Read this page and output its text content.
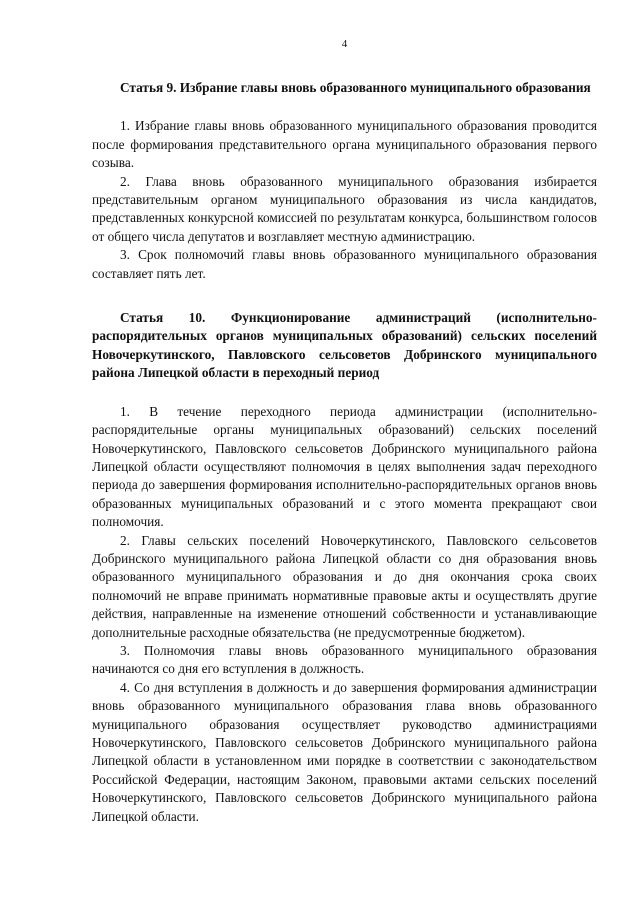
4

Статья 9. Избрание главы вновь образованного муниципального образования

1. Избрание главы вновь образованного муниципального образования проводится после формирования представительного органа муниципального образования первого созыва.

2. Глава вновь образованного муниципального образования избирается представительным органом муниципального образования из числа кандидатов, представленных конкурсной комиссией по результатам конкурса, большинством голосов от общего числа депутатов и возглавляет местную администрацию.

3. Срок полномочий главы вновь образованного муниципального образования составляет пять лет.

Статья 10. Функционирование администраций (исполнительно-распорядительных органов муниципальных образований) сельских поселений Новочеркутинского, Павловского сельсоветов Добринского муниципального района Липецкой области в переходный период

1. В течение переходного периода администрации (исполнительно-распорядительные органы муниципальных образований) сельских поселений Новочеркутинского, Павловского сельсоветов Добринского муниципального района Липецкой области осуществляют полномочия в целях выполнения задач переходного периода до завершения формирования исполнительно-распорядительных органов вновь образованных муниципальных образований и с этого момента прекращают свои полномочия.

2. Главы сельских поселений Новочеркутинского, Павловского сельсоветов Добринского муниципального района Липецкой области со дня образования вновь образованного муниципального образования и до дня окончания срока своих полномочий не вправе принимать нормативные правовые акты и осуществлять другие действия, направленные на изменение отношений собственности и устанавливающие дополнительные расходные обязательства (не предусмотренные бюджетом).

3. Полномочия главы вновь образованного муниципального образования начинаются со дня его вступления в должность.

4. Со дня вступления в должность и до завершения формирования администрации вновь образованного муниципального образования глава вновь образованного муниципального образования осуществляет руководство администрациями Новочеркутинского, Павловского сельсоветов Добринского муниципального района Липецкой области в установленном ими порядке в соответствии с законодательством Российской Федерации, настоящим Законом, правовыми актами сельских поселений Новочеркутинского, Павловского сельсоветов Добринского муниципального района Липецкой области.
